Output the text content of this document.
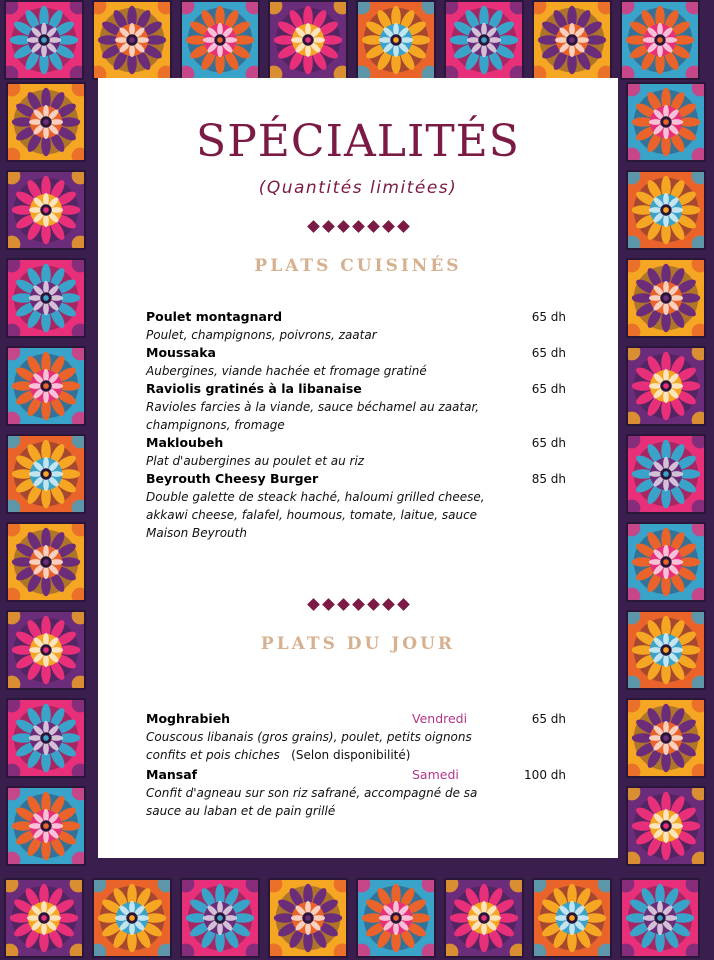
SPÉCIALITÉS
(Quantités limitées)
PLATS CUISINÉS
Poulet montagnard
Poulet, champignons, poivrons, zaatar
65 dh
Moussaka
Aubergines, viande hachée et fromage gratiné
65 dh
Raviolis gratinés à la libanaise
Ravioles farcies à la viande, sauce béchamel au zaatar, champignons, fromage
65 dh
Makloubeh
Plat d'aubergines au poulet et au riz
65 dh
Beyrouth Cheesy Burger
Double galette de steack haché, haloumi grilled cheese, akkawi cheese, falafel, houmous, tomate, laitue, sauce Maison Beyrouth
85 dh
PLATS DU JOUR
Moghrabieh	Vendredi
Couscous libanais (gros grains), poulet, petits oignons confits et pois chiches (Selon disponibilité)
65 dh
Mansaf	Samedi
Confit d'agneau sur son riz safrané, accompagné de sa sauce au laban et de pain grillé
100 dh
